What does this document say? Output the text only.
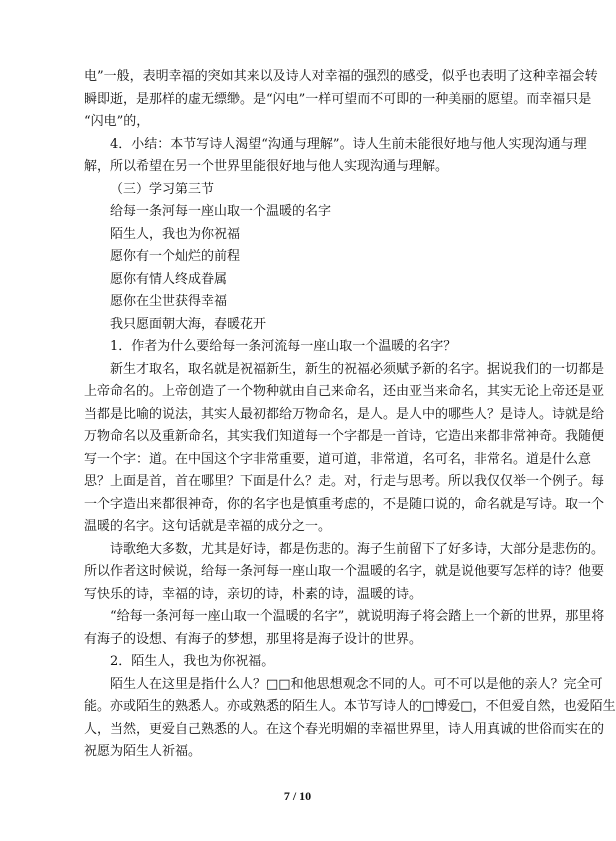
电”一般，表明幸福的突如其来以及诗人对幸福的强烈的感受，似乎也表明了这种幸福会转
瞬即逝，是那样的虚无缥缈。是“闪电”一样可望而不可即的一种美丽的愿望。而幸福只是
“闪电”的，
4．小结：本节写诗人渴望“沟通与理解”。诗人生前未能很好地与他人实现沟通与理
解，所以希望在另一个世界里能很好地与他人实现沟通与理解。
（三）学习第三节
给每一条河每一座山取一个温暖的名字
陌生人，我也为你祝福
愿你有一个灿烂的前程
愿你有情人终成眷属
愿你在尘世获得幸福
我只愿面朝大海，春暖花开
1．作者为什么要给每一条河流每一座山取一个温暖的名字？
新生才取名，取名就是祝福新生，新生的祝福必须赋予新的名字。据说我们的一切都是
上帝命名的。上帝创造了一个物种就由自己来命名，还由亚当来命名，其实无论上帝还是亚
当都是比喻的说法，其实人最初都给万物命名，是人。是人中的哪些人？是诗人。诗就是给
万物命名以及重新命名，其实我们知道每一个字都是一首诗，它造出来都非常神奇。我随便
写一个字：道。在中国这个字非常重要，道可道，非常道，名可名，非常名。道是什么意
思？上面是首，首在哪里？下面是什么？走。对，行走与思考。所以我仅仅举一个例子。每
一个字造出来都很神奇，你的名字也是慎重考虑的，不是随口说的，命名就是写诗。取一个
温暖的名字。这句话就是幸福的成分之一。
诗歌绝大多数，尤其是好诗，都是伤悲的。海子生前留下了好多诗，大部分是悲伤的。
所以作者这时候说，给每一条河每一座山取一个温暖的名字，就是说他要写怎样的诗？他要
写快乐的诗，幸福的诗，亲切的诗，朴素的诗，温暖的诗。
“给每一条河每一座山取一个温暖的名字”，就说明海子将会踏上一个新的世界，那里将
有海子的设想、有海子的梦想，那里将是海子设计的世界。
2．陌生人，我也为你祝福。
陌生人在这里是指什么人？□□和他思想观念不同的人。可不可以是他的亲人？完全可
能。亦或陌生的熟悉人。亦或熟悉的陌生人。本节写诗人的□博爱□，不但爱自然，也爱陌生
人，当然，更爱自己熟悉的人。在这个春光明媚的幸福世界里，诗人用真诚的世俗而实在的
祝愿为陌生人祈福。
7 / 10
